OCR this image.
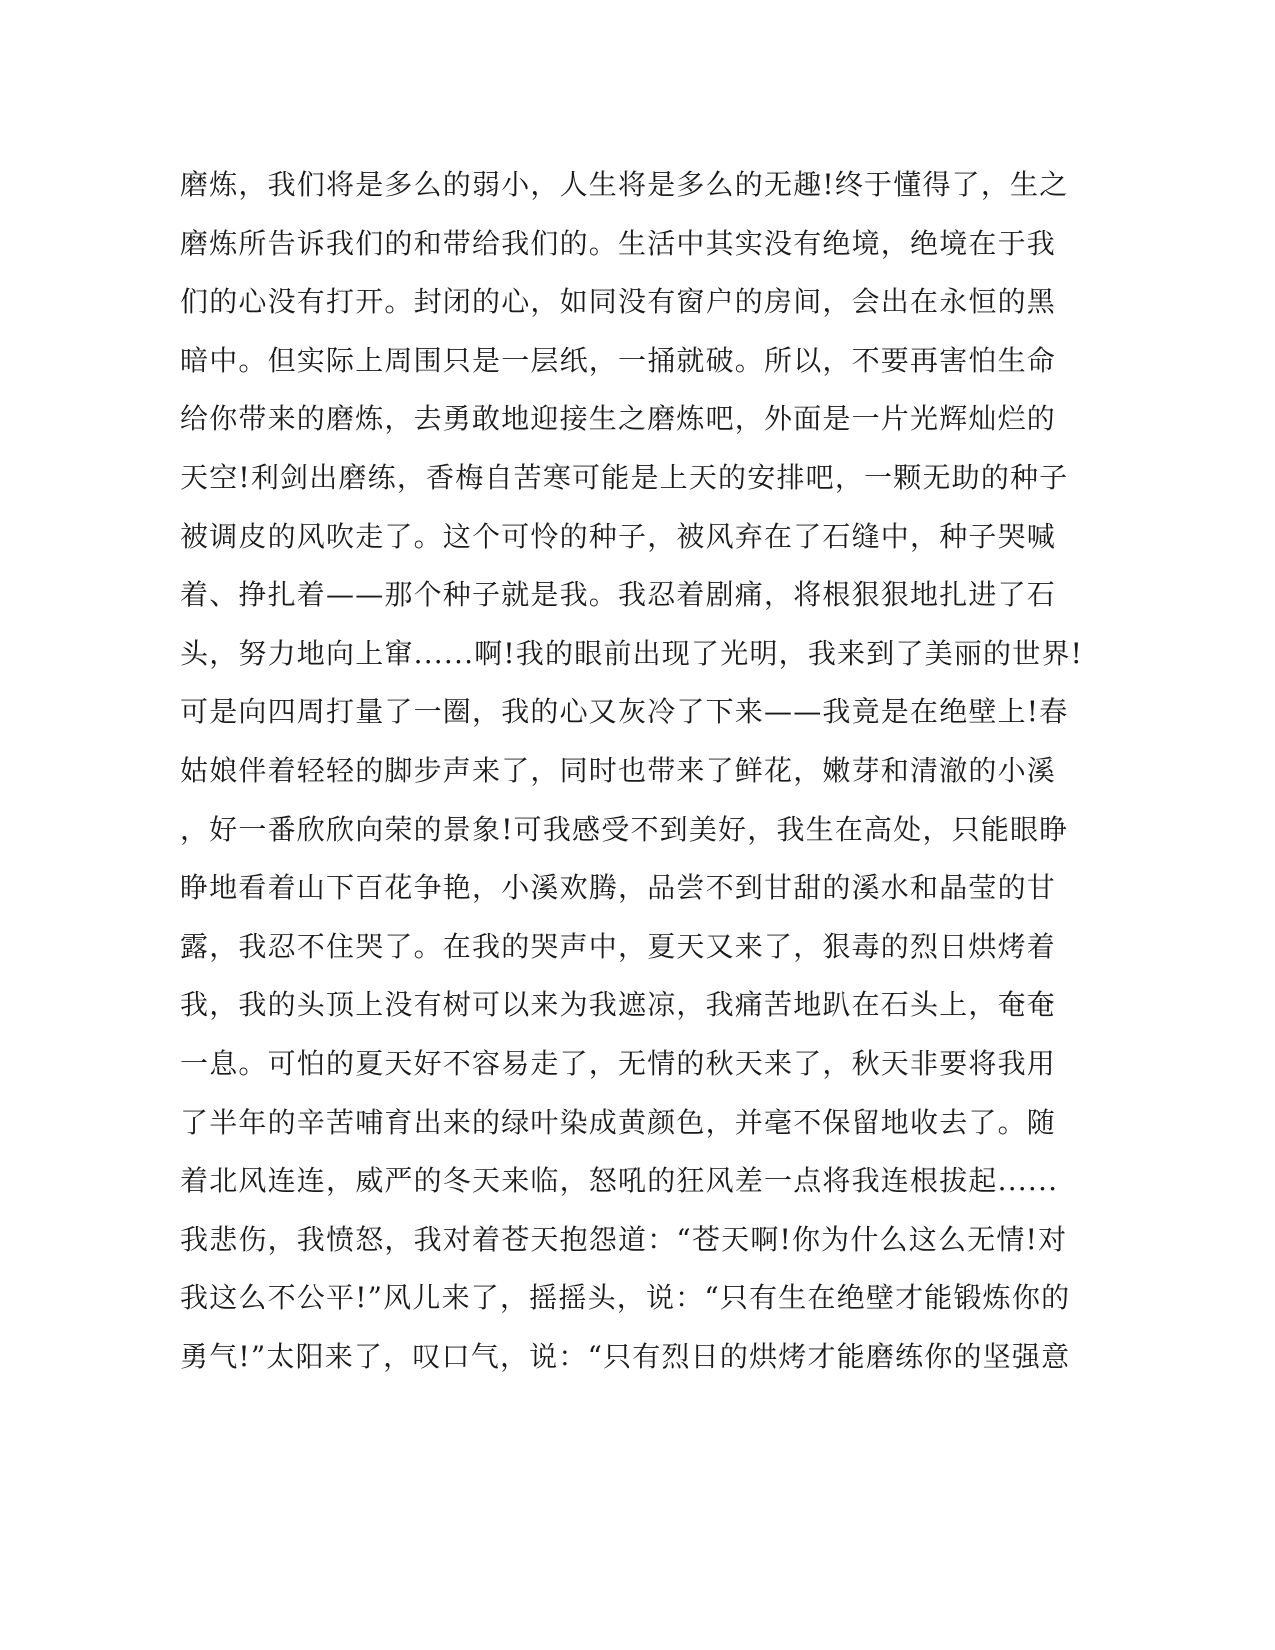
磨炼，我们将是多么的弱小，人生将是多么的无趣!终于懂得了，生之
磨炼所告诉我们的和带给我们的。生活中其实没有绝境，绝境在于我
们的心没有打开。封闭的心，如同没有窗户的房间，会出在永恒的黑
暗中。但实际上周围只是一层纸，一捅就破。所以，不要再害怕生命
给你带来的磨炼，去勇敢地迎接生之磨炼吧，外面是一片光辉灿烂的
天空!利剑出磨练，香梅自苦寒可能是上天的安排吧，一颗无助的种子
被调皮的风吹走了。这个可怜的种子，被风弃在了石缝中，种子哭喊
着、挣扎着——那个种子就是我。我忍着剧痛，将根狠狠地扎进了石
头，努力地向上窜......啊!我的眼前出现了光明，我来到了美丽的世界!
可是向四周打量了一圈，我的心又灰冷了下来——我竟是在绝壁上!春
姑娘伴着轻轻的脚步声来了，同时也带来了鲜花，嫩芽和清澈的小溪
，好一番欣欣向荣的景象!可我感受不到美好，我生在高处，只能眼睁
睁地看着山下百花争艳，小溪欢腾，品尝不到甘甜的溪水和晶莹的甘
露，我忍不住哭了。在我的哭声中，夏天又来了，狠毒的烈日烘烤着
我，我的头顶上没有树可以来为我遮凉，我痛苦地趴在石头上，奄奄
一息。可怕的夏天好不容易走了，无情的秋天来了，秋天非要将我用
了半年的辛苦哺育出来的绿叶染成黄颜色，并毫不保留地收去了。随
着北风连连，威严的冬天来临，怒吼的狂风差一点将我连根拔起......
我悲伤，我愤怒，我对着苍天抱怨道：“苍天啊!你为什么这么无情!对
我这么不公平!”风儿来了，摇摇头，说：“只有生在绝壁才能锻炼你的
勇气!”太阳来了，叹口气，说：“只有烈日的烘烤才能磨练你的坚强意
